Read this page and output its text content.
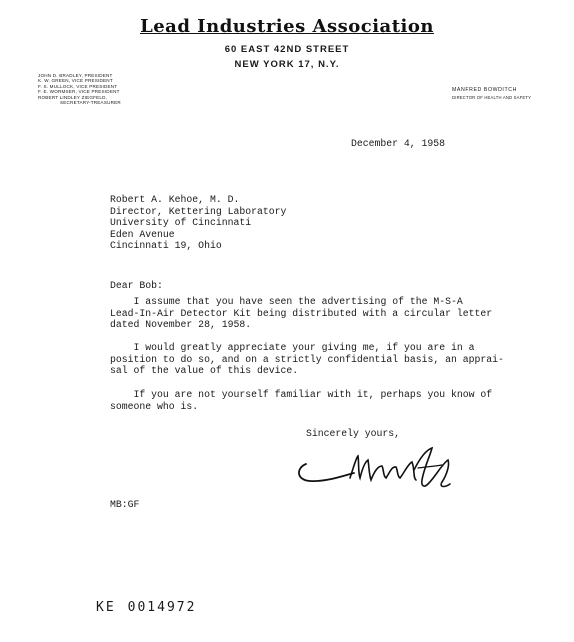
Lead Industries Association
60 EAST 42ND STREET
NEW YORK 17, N.Y.
JOHN D. BRADLEY, PRESIDENT
K. W. GREEN, VICE PRESIDENT
F. S. MULLOCK, VICE PRESIDENT
F. E. WORMSER, VICE PRESIDENT
ROBERT LINDLEY ZIEGFELD,
SECRETARY-TREASURER
MANFRED BOWDITCH
DIRECTOR OF HEALTH AND SAFETY
December 4, 1958
Robert A. Kehoe, M. D.
Director, Kettering Laboratory
University of Cincinnati
Eden Avenue
Cincinnati 19, Ohio
Dear Bob:
I assume that you have seen the advertising of the M-S-A
Lead-In-Air Detector Kit being distributed with a circular letter
dated November 28, 1958.
I would greatly appreciate your giving me, if you are in a
position to do so, and on a strictly confidential basis, an apprai-
sal of the value of this device.
If you are not yourself familiar with it, perhaps you know of
someone who is.
Sincerely yours,
MB:GF
KE 0014972
